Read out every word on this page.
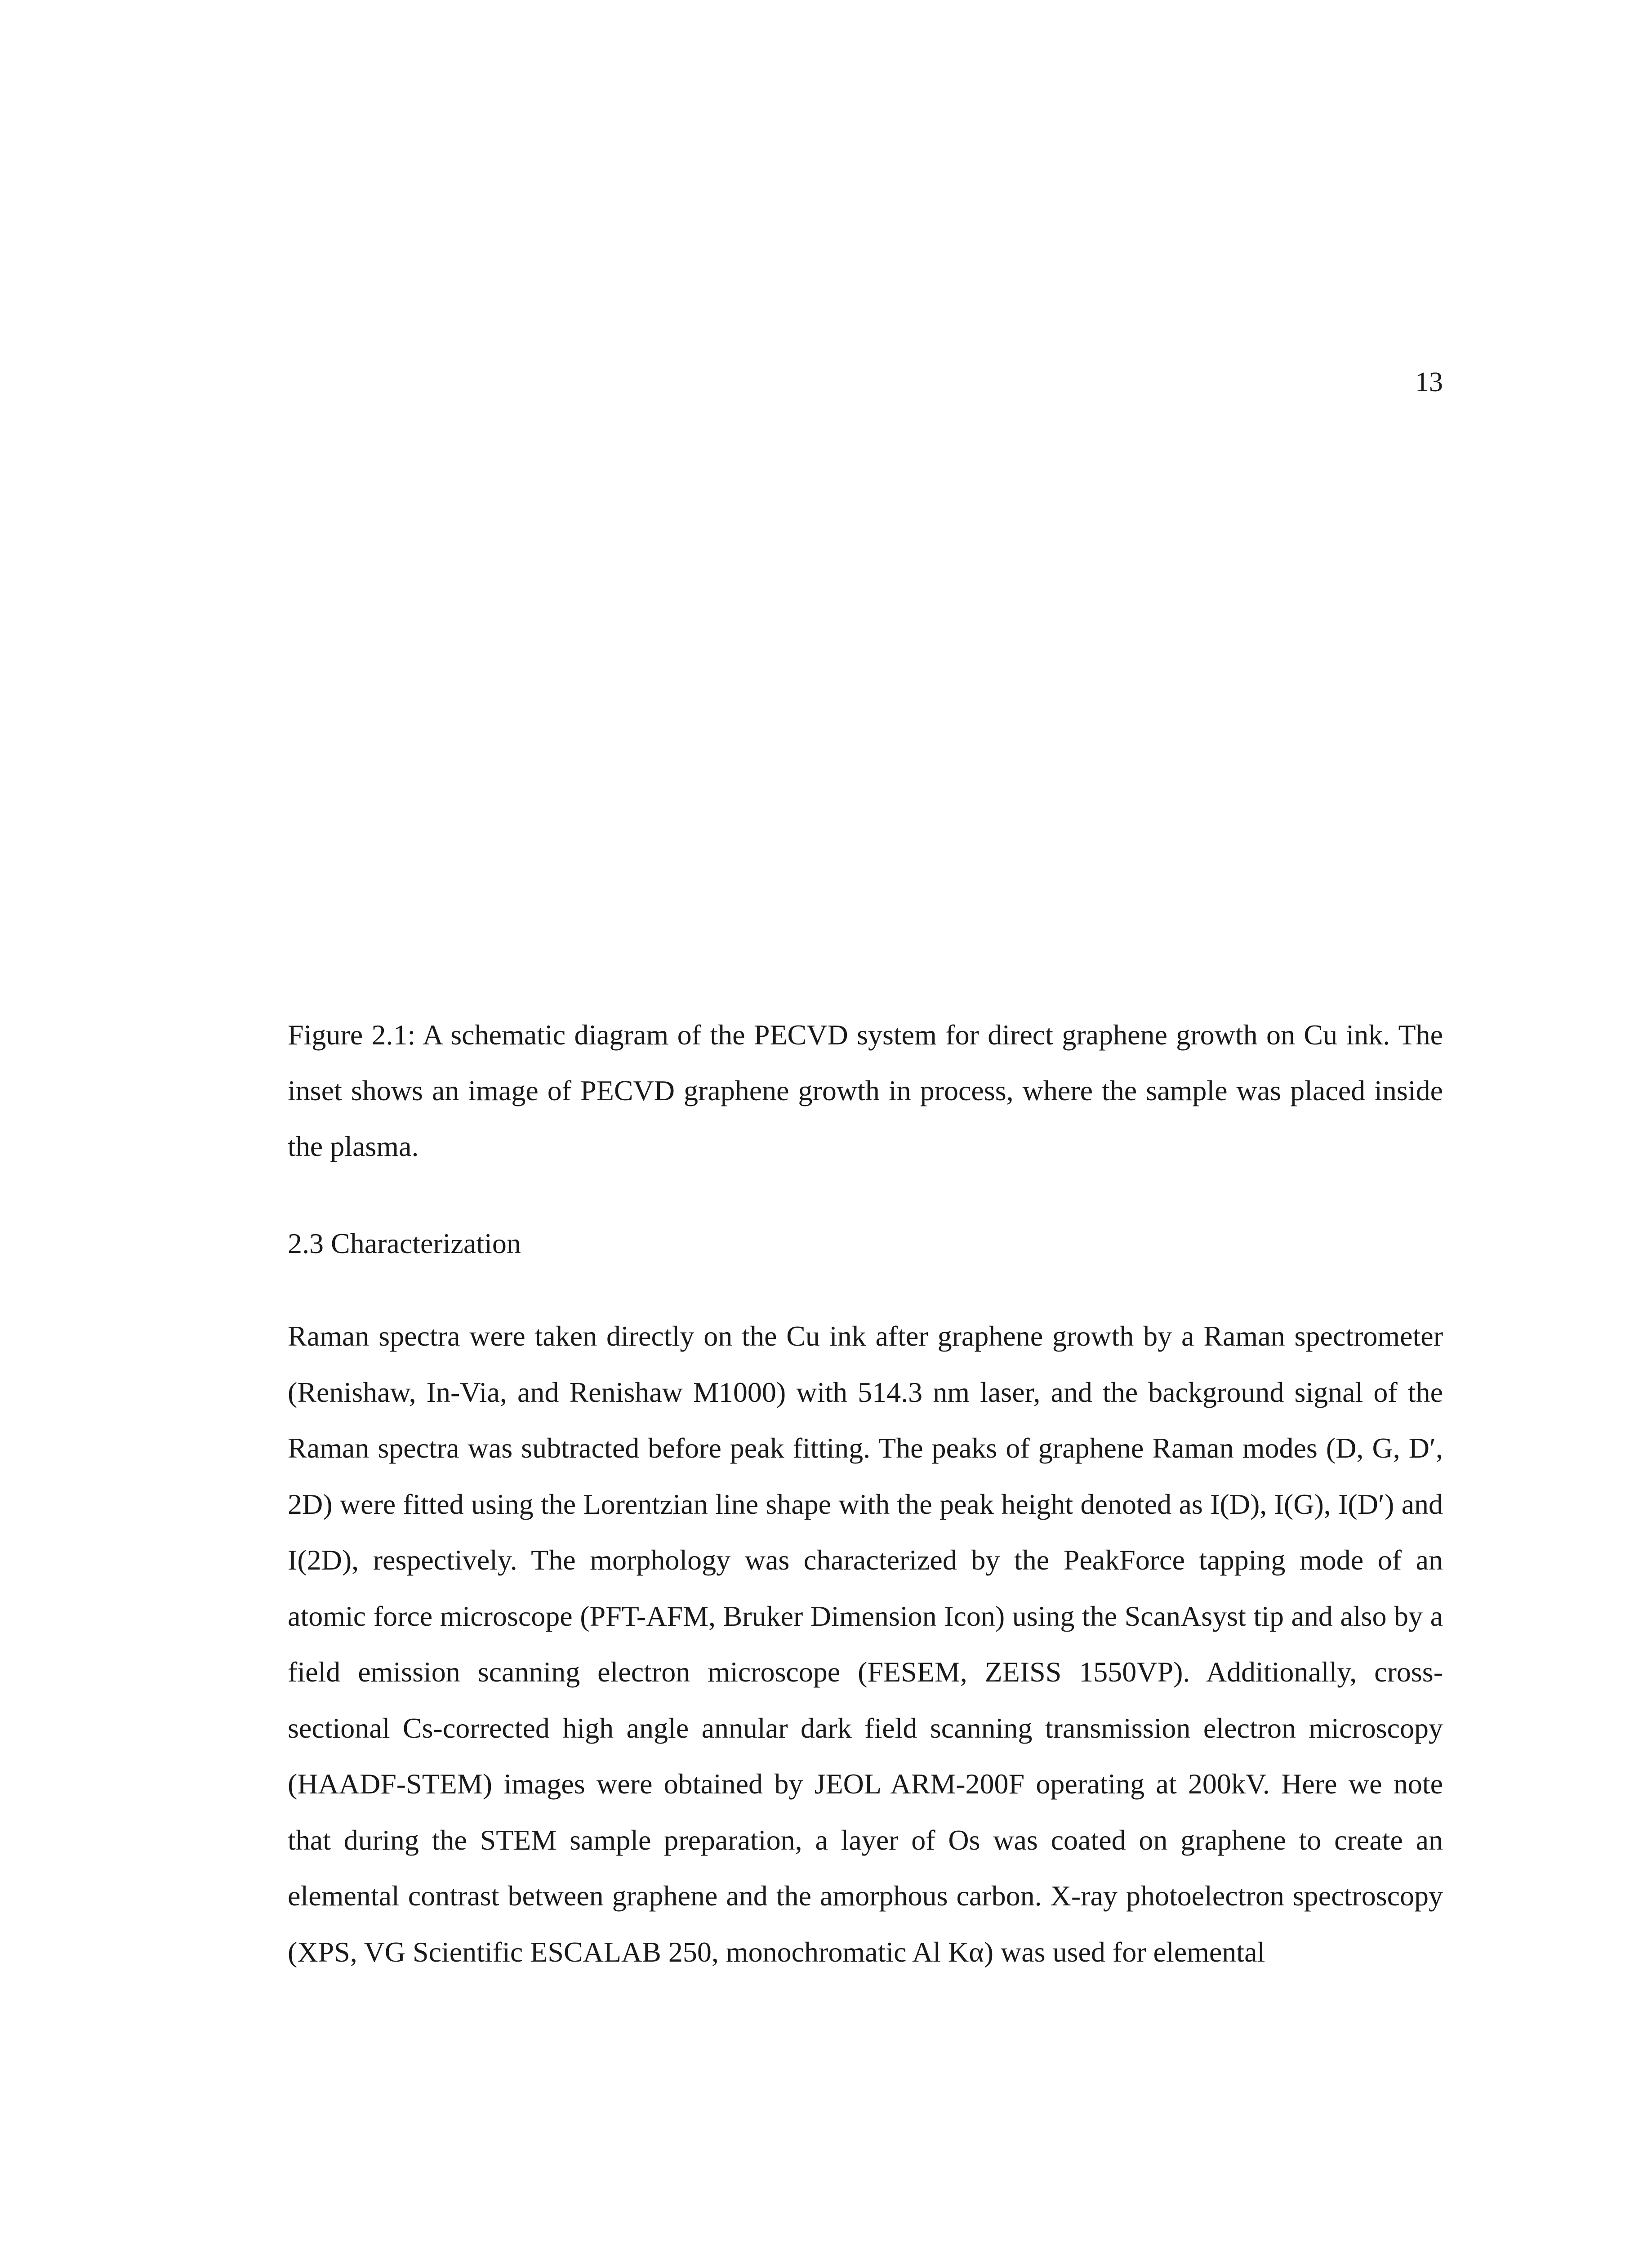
13

Figure 2.1: A schematic diagram of the PECVD system for direct graphene growth on Cu ink. The inset shows an image of PECVD graphene growth in process, where the sample was placed inside the plasma.

2.3 Characterization

Raman spectra were taken directly on the Cu ink after graphene growth by a Raman spectrometer (Renishaw, In-Via, and Renishaw M1000) with 514.3 nm laser, and the background signal of the Raman spectra was subtracted before peak fitting. The peaks of graphene Raman modes (D, G, D′, 2D) were fitted using the Lorentzian line shape with the peak height denoted as I(D), I(G), I(D′) and I(2D), respectively. The morphology was characterized by the PeakForce tapping mode of an atomic force microscope (PFT-AFM, Bruker Dimension Icon) using the ScanAsyst tip and also by a field emission scanning electron microscope (FESEM, ZEISS 1550VP). Additionally, cross-sectional Cs-corrected high angle annular dark field scanning transmission electron microscopy (HAADF-STEM) images were obtained by JEOL ARM-200F operating at 200kV. Here we note that during the STEM sample preparation, a layer of Os was coated on graphene to create an elemental contrast between graphene and the amorphous carbon. X-ray photoelectron spectroscopy (XPS, VG Scientific ESCALAB 250, monochromatic Al Kα) was used for elemental
